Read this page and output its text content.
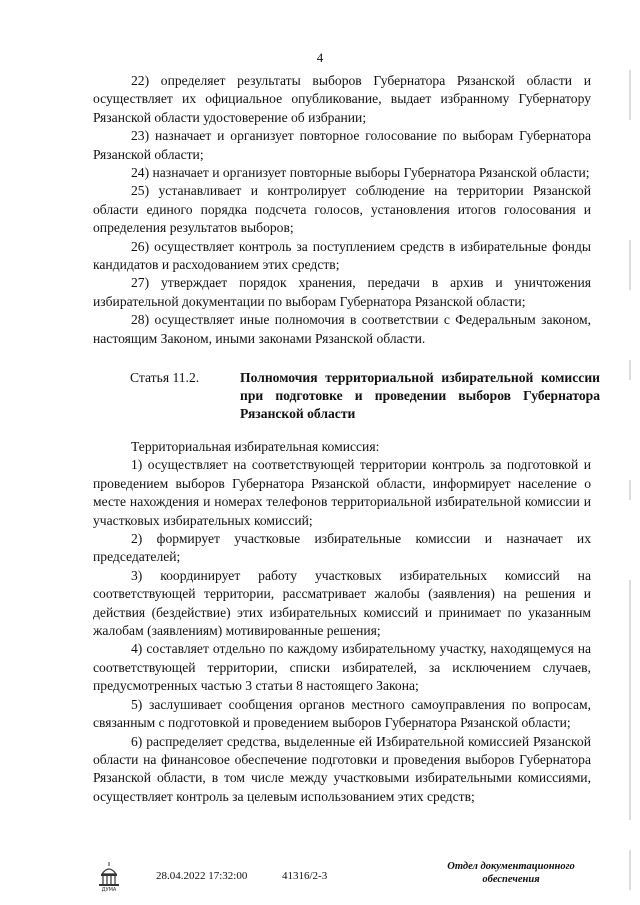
4

22) определяет результаты выборов Губернатора Рязанской области и осуществляет их официальное опубликование, выдает избранному Губернатору Рязанской области удостоверение об избрании;

23) назначает и организует повторное голосование по выборам Губернатора Рязанской области;

24) назначает и организует повторные выборы Губернатора Рязанской области;

25) устанавливает и контролирует соблюдение на территории Рязанской области единого порядка подсчета голосов, установления итогов голосования и определения результатов выборов;

26) осуществляет контроль за поступлением средств в избирательные фонды кандидатов и расходованием этих средств;

27) утверждает порядок хранения, передачи в архив и уничтожения избирательной документации по выборам Губернатора Рязанской области;

28) осуществляет иные полномочия в соответствии с Федеральным законом, настоящим Законом, иными законами Рязанской области.

Статья 11.2.	Полномочия территориальной избирательной комиссии при подготовке и проведении выборов Губернатора Рязанской области

Территориальная избирательная комиссия:

1) осуществляет на соответствующей территории контроль за подготовкой и проведением выборов Губернатора Рязанской области, информирует население о месте нахождения и номерах телефонов территориальной избирательной комиссии и участковых избирательных комиссий;

2) формирует участковые избирательные комиссии и назначает их председателей;

3) координирует работу участковых избирательных комиссий на соответствующей территории, рассматривает жалобы (заявления) на решения и действия (бездействие) этих избирательных комиссий и принимает по указанным жалобам (заявлениям) мотивированные решения;

4) составляет отдельно по каждому избирательному участку, находящемуся на соответствующей территории, списки избирателей, за исключением случаев, предусмотренных частью 3 статьи 8 настоящего Закона;

5) заслушивает сообщения органов местного самоуправления по вопросам, связанным с подготовкой и проведением выборов Губернатора Рязанской области;

6) распределяет средства, выделенные ей Избирательной комиссией Рязанской области на финансовое обеспечение подготовки и проведения выборов Губернатора Рязанской области, в том числе между участковыми избирательными комиссиями, осуществляет контроль за целевым использованием этих средств;

ДУМА
28.04.2022 17:32:00	41316/2-3
Отдел документационного обеспечения
